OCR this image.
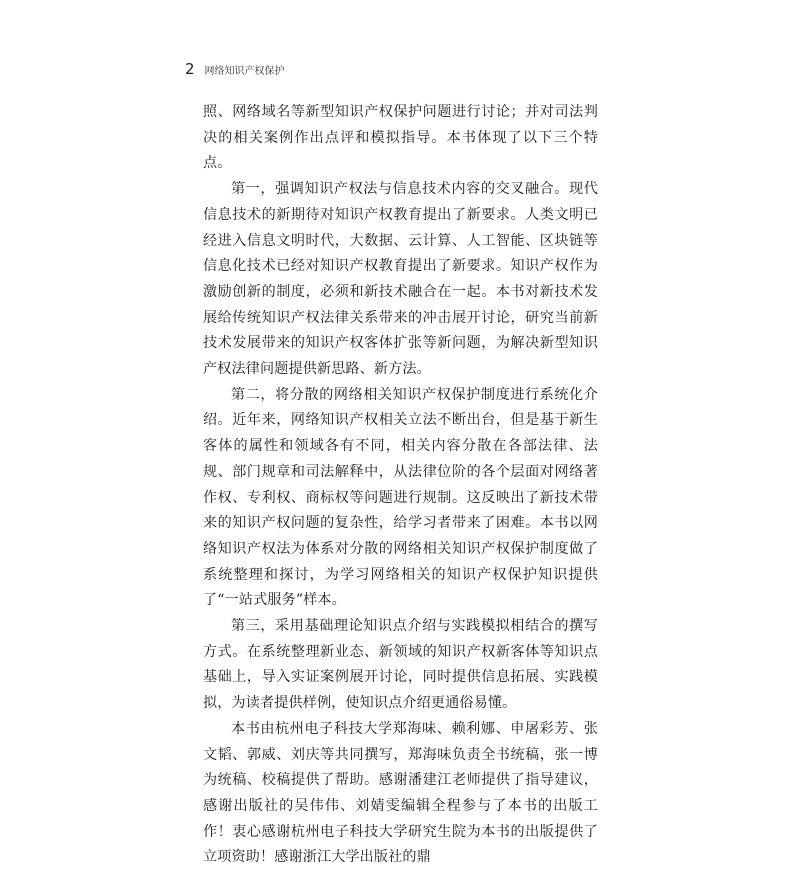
2 网络知识产权保护

照、网络域名等新型知识产权保护问题进行讨论；并对司法判决的相关案例作出点评和模拟指导。本书体现了以下三个特点。

第一，强调知识产权法与信息技术内容的交叉融合。现代信息技术的新期待对知识产权教育提出了新要求。人类文明已经进入信息文明时代，大数据、云计算、人工智能、区块链等信息化技术已经对知识产权教育提出了新要求。知识产权作为激励创新的制度，必须和新技术融合在一起。本书对新技术发展给传统知识产权法律关系带来的冲击展开讨论，研究当前新技术发展带来的知识产权客体扩张等新问题，为解决新型知识产权法律问题提供新思路、新方法。

第二，将分散的网络相关知识产权保护制度进行系统化介绍。近年来，网络知识产权相关立法不断出台，但是基于新生客体的属性和领域各有不同，相关内容分散在各部法律、法规、部门规章和司法解释中，从法律位阶的各个层面对网络著作权、专利权、商标权等问题进行规制。这反映出了新技术带来的知识产权问题的复杂性，给学习者带来了困难。本书以网络知识产权法为体系对分散的网络相关知识产权保护制度做了系统整理和探讨，为学习网络相关的知识产权保护知识提供了“一站式服务”样本。

第三，采用基础理论知识点介绍与实践模拟相结合的撰写方式。在系统整理新业态、新领域的知识产权新客体等知识点基础上，导入实证案例展开讨论，同时提供信息拓展、实践模拟，为读者提供样例，使知识点介绍更通俗易懂。

本书由杭州电子科技大学郑海味、赖利娜、申屠彩芳、张文韬、郭威、刘庆等共同撰写，郑海味负责全书统稿，张一博为统稿、校稿提供了帮助。感谢潘建江老师提供了指导建议，感谢出版社的吴伟伟、刘婧雯编辑全程参与了本书的出版工作！衷心感谢杭州电子科技大学研究生院为本书的出版提供了立项资助！感谢浙江大学出版社的鼎
